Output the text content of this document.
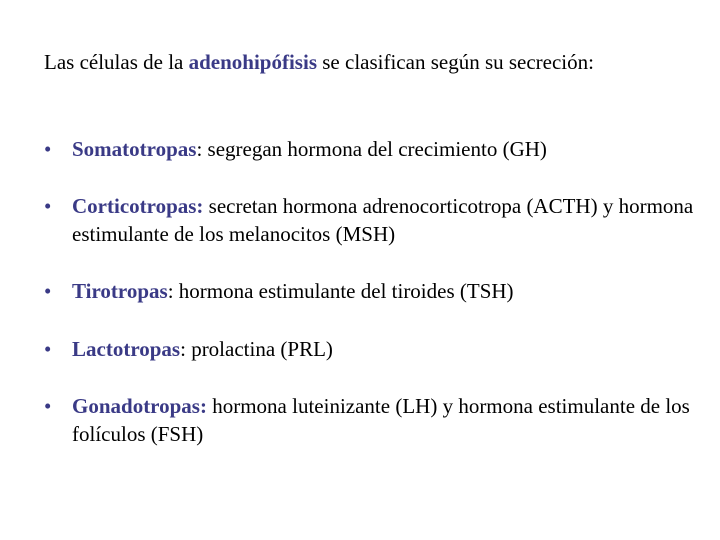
Las células de la adenohipófisis se clasifican según su secreción:
• Somatotropas: segregan hormona del crecimiento (GH)
• Corticotropas: secretan hormona adrenocorticotropa (ACTH) y hormona estimulante de los melanocitos (MSH)
• Tirotropas: hormona estimulante del tiroides (TSH)
• Lactotropas: prolactina (PRL)
• Gonadotropas: hormona luteinizante (LH) y hormona estimulante de los folículos (FSH)
